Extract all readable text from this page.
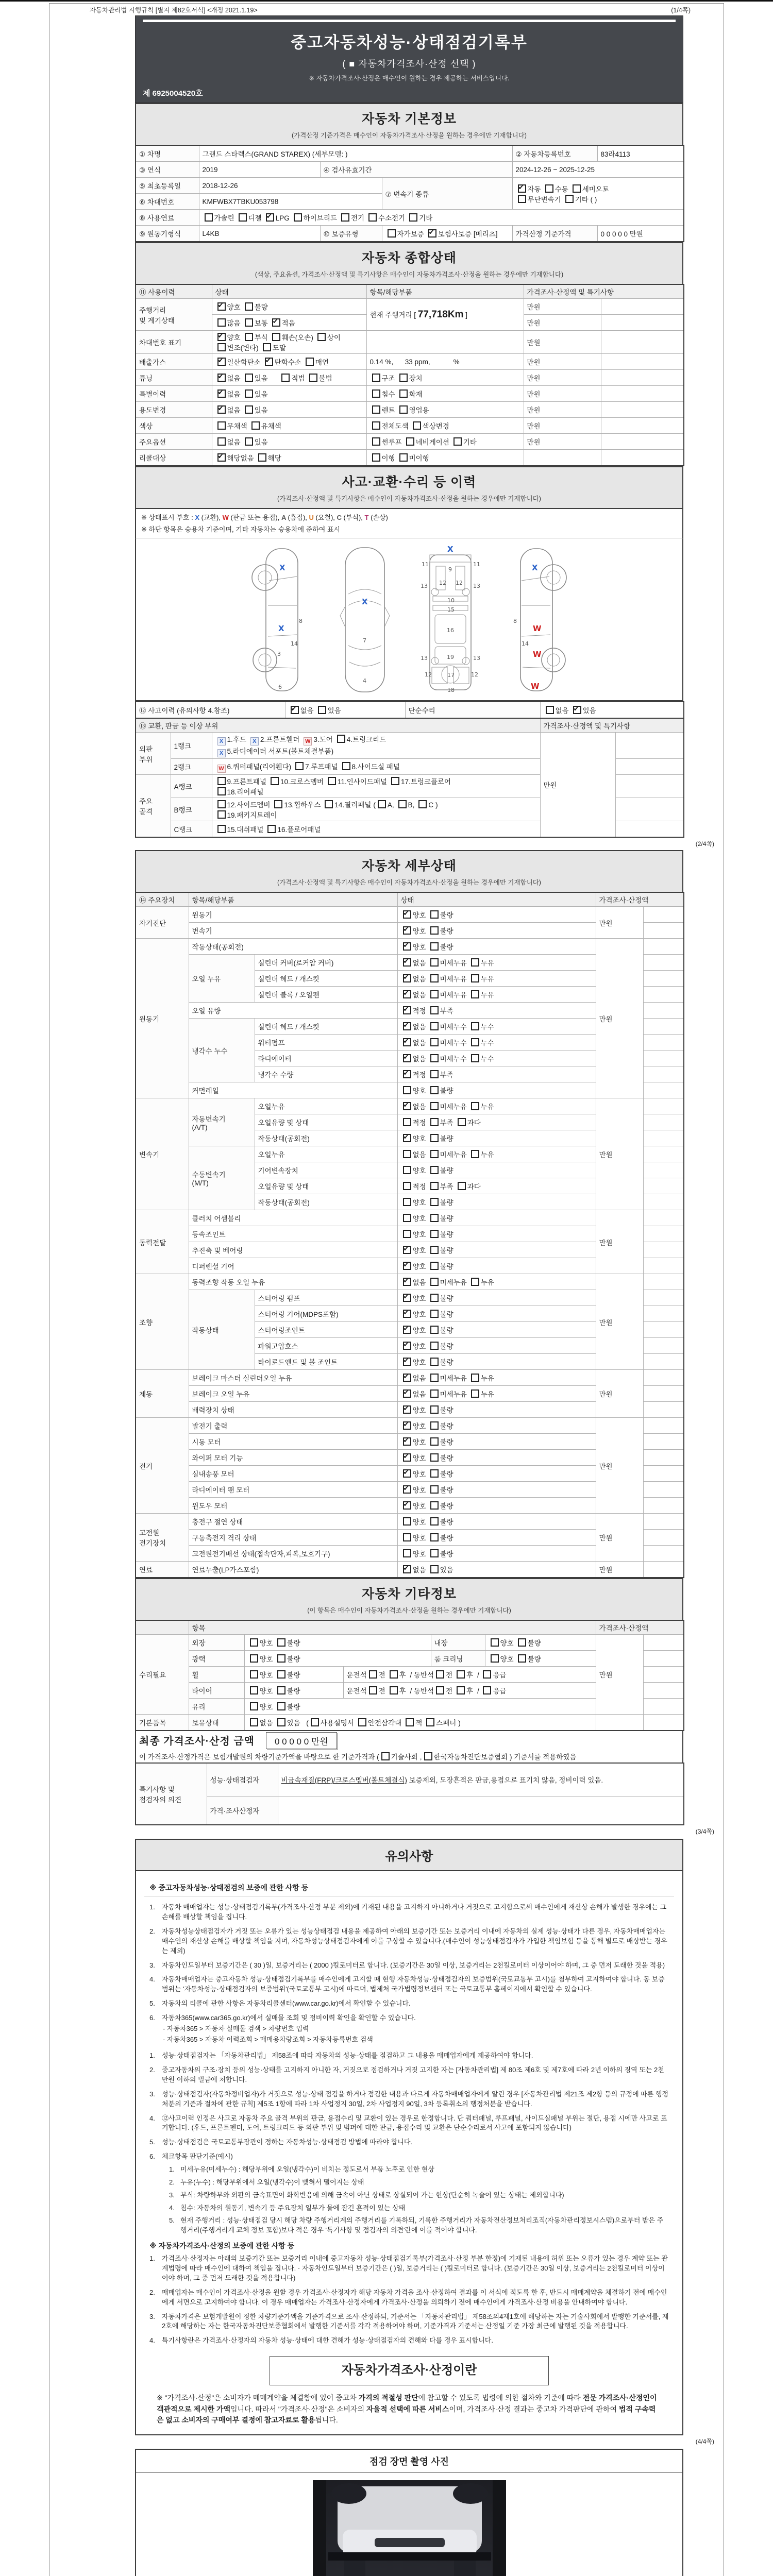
자동차관리법 시행규칙 [별지 제82호서식] <개정 2021.1.19>	(1/4쪽)
중고자동차성능·상태점검기록부
( ■ 자동차가격조사·산정 선택 )
※ 자동차가격조사·산정은 매수인이 원하는 경우 제공하는 서비스입니다.
제 6925004520호
자동차 기본정보
(가격산정 기준가격은 매수인이 자동차가격조사·산정을 원하는 경우에만 기재합니다)
① 차명	그랜드 스타렉스(GRAND STAREX) (세부모델: )			② 자동차등록번호	83라4113
③ 연식	2019	④ 검사유효기간		2024-12-26 ~ 2025-12-25	
⑤ 최초등록일	2018-12-26		⑦ 변속기 종류	✔자동 수동 세미오토
무단변속기 기타 ( )
⑥ 차대번호	KMFWBX7TBKU053798				
⑧ 사용연료	가솔린 디젤 ✔ LPG 하이브리드 전기 수소전기 기타
⑨ 원동기형식	L4KB	⑩ 보증유형	자가보증 ✔ 보험사보증 [메리츠]	가격산정 기준가격	0 0 0 0 0 만원
자동차 종합상태
(색상, 주요옵션, 가격조사·산정액 및 특기사항은 매수인이 자동차가격조사·산정을 원하는 경우에만 기재합니다)
⑪ 사용이력	상태	항목/해당부품	가격조사·산정액 및 특기사항	
주행거리
및 계기상태	✔양호 불량	현재 주행거리 [ 77,718Km ]	만원	
	많음 보통 ✔ 적음		만원	
차대번호 표기	✔양호 부식 훼손(오손) 상이변조(변타) 도말		만원	
배출가스	✔일산화탄소 ✔ 탄화수소 매연	0.14 %,      33 ppm,            %	만원	
튜닝	✔없음 있음 적법 불법	구조 장치	만원	
특별이력	✔없음 있음	침수 화재	만원	
용도변경	✔없음 있음	렌트 영업용	만원	
색상	무채색 유채색	전체도색 색상변경	만원	
주요옵션	없음 있음	썬루프 네비게이션 기타	만원	
리콜대상	✔해당없음 해당	이행 미이행		
사고·교환·수리 등 이력
(가격조사·산정액 및 특기사항은 매수인이 자동차가격조사·산정을 원하는 경우에만 기재합니다)
※ 상태표시 부호 : X (교환), W (판금 또는 용접), A (흠집), U (요철), C (부식), T (손상)
※ 하단 항목은 승용차 기준이며, 기타 자동차는 승용차에 준하여 표시
X
8
X
14
3
6
X
7
4
X
11
9
11
13 12 12 13
10
15
16
13	19	13
12	17	12
18
X
8
W
14
W
W
⑫ 사고이력 (유의사항 4.참조)	✔없음 있음	단순수리	없음 ✔ 있음
⑬ 교환, 판금 등 이상 부위			가격조사·산정액 및 특기사항	
외판
부위	1랭크	X 1.후드 X 2.프론트휀더 W 3.도어 4.트렁크리드
X 5.라디에이터 서포트(볼트체결부품)	만원	
	2랭크	W 6.쿼터패널(리어휀다) 7.루프패널 8.사이드실 패널		
주요
골격	A랭크	9.프론트패널 10.크로스멤버 11.인사이드패널 17.트렁크플로어
18.리어패널		
	B랭크	12.사이드멤버 13.휠하우스 14.필러패널 ( A, B, C )
19.패키지트레이		
	C랭크	15.대쉬패널 16.플로어패널		
(2/4쪽)
자동차 세부상태
(가격조사·산정액 및 특기사항은 매수인이 자동차가격조사·산정을 원하는 경우에만 기재합니다)
⑭ 주요장치	항목/해당부품		상태	가격조사·산정액	
자기진단	원동기	✔양호 불량	만원	
	변속기	✔양호 불량	
원동기	작동상태(공회전)	✔양호 불량	만원	
	오일 누유	실린더 커버(로커암 커버)	✔없음 미세누유 누유	
		실린더 헤드 / 개스킷	✔없음 미세누유 누유	
		실린더 블록 / 오일팬	✔없음 미세누유 누유	
	오일 유량	✔적정 부족	
	냉각수 누수	실린더 헤드 / 개스킷	✔없음 미세누수 누수	
		워터펌프	✔없음 미세누수 누수	
		라디에이터	✔없음 미세누수 누수	
		냉각수 수량	✔적정 부족	
	커먼레일		양호 불량		
변속기	자동변속기
(A/T)	오일누유	✔없음 미세누유 누유	만원	
		오일유량 및 상태	적정 부족 과다		
		작동상태(공회전)	✔양호 불량	
	수동변속기
(M/T)	오일누유	없음 미세누유 누유		
		기어변속장치	양호 불량		
		오일유량 및 상태	적정 부족 과다		
		작동상태(공회전)	양호 불량		
동력전달	클러치 어셈블리		양호 불량	만원	
	등속조인트		양호 불량		
	추진축 및 베어링	✔양호 불량	
	디퍼렌셜 기어	✔양호 불량	
조향	동력조향 작동 오일 누유	✔없음 미세누유 누유	만원	
	작동상태	스티어링 펌프	✔양호 불량	
		스티어링 기어(MDPS포함)	✔양호 불량	
		스티어링조인트	✔양호 불량	
		파워고압호스	✔양호 불량	
		타이로드엔드 및 볼 조인트	✔양호 불량	
제동	브레이크 마스터 실린더오일 누유	✔없음 미세누유 누유	만원	
	브레이크 오일 누유	✔없음 미세누유 누유	
	배력장치 상태	✔양호 불량	
전기	발전기 출력	✔양호 불량	만원	
	시동 모터	✔양호 불량	
	와이퍼 모터 기능	✔양호 불량	
	실내송풍 모터	✔양호 불량	
	라디에이터 팬 모터	✔양호 불량	
	윈도우 모터	✔양호 불량	
고전원
전기장치	충전구 절연 상태		양호 불량	만원	
	구동축전지 격리 상태		양호 불량		
	고전원전기배선 상태(접속단자,피복,보호기구)		양호 불량		
연료	연료누출(LP가스포함)	✔없음 있음	만원	
자동차 기타정보
(이 항목은 매수인이 자동차가격조사·산정을 원하는 경우에만 기재합니다)
	항목					가격조사·산정액	
수리필요	외장	양호 불량		내장	양호 불량	만원	
	광택	양호 불량		룸 크리닝	양호 불량		
	휠	양호 불량	운전석 전 후 / 동반석 전 후 / 응급				
	타이어	양호 불량	운전석 전 후 / 동반석 전 후 / 응급				
	유리	양호 불량					
기본품목	보유상태	없음 있음  ( 사용설명서 안전삼각대 잭 스패너 )					
최종 가격조사·산정 금액 0 0 0 0 0 만원
이 가격조사·산정가격은 보험개발원의 차량기준가액을 바탕으로 한 기준가격과 ( 기술사회 , 한국자동차진단보증협회 ) 기준서를 적용하였음
특기사항 및
점검자의 의견	성능·상태점검자	비금속재질(FRP)/크로스멤버(볼트체결식) 보증제외, 도장흔적은 판금,용접으로 표기치 않음, 정비이력 있음.
	가격·조사산정자	
(3/4쪽)
유의사항
※ 중고자동차성능·상태점검의 보증에 관한 사항 등
1.	자동차 매매업자는 성능·상태점검기록부(가격조사·산정 부분 제외)에 기재된 내용을 고지하지 아니하거나 거짓으로 고지함으로써 매수인에게 재산상 손해가 발생한 경우에는 그 손해를 배상할 책임을 집니다.
2.	자동차성능상태점검자가 거짓 또는 오류가 있는 성능상태점검 내용을 제공하여 아래의 보증기간 또는 보증거리 이내에 자동차의 실제 성능·상태가 다른 경우, 자동차매매업자는 매수인의 재산상 손해를 배상할 책임을 지며, 자동차성능상태점검자에게 이를 구상할 수 있습니다.(매수인이 성능상태점검자가 가입한 책임보험 등을 통해 별도로 배상받는 경우는 제외)
3.	자동차인도일부터 보증기간은 ( 30 )일, 보증거리는 ( 2000 )킬로미터로 합니다. (보증기간은 30일 이상, 보증거리는 2천킬로미터 이상이어야 하며, 그 중 먼저 도래한 것을 적용)
4.	자동차매매업자는 중고자동차 성능·상태점검기록부를 매수인에게 고지할 때 현행 자동차성능·상태점검자의 보증범위(국토교통부 고시)를 첨부하여 고지하여야 합니다. 동 보증범위는 '자동차성능·상태점검자의 보증범위'(국토교통부 고시)에 따르며, 법제처 국가법령정보센터 또는 국토교통부 홈페이지에서 확인할 수 있습니다.
5.	자동차의 리콜에 관한 사항은 자동차리콜센터(www.car.go.kr)에서 확인할 수 있습니다.
6.	자동차365(www.car365.go.kr)에서 실매물 조회 및 정비이력 확인을 확인할 수 있습니다.
- 자동차365 > 자동차 실매물 검색 > 차량번호 입력
- 자동차365 > 자동차 이력조회 > 매매용차량조회 > 자동차등록번호 검색
1.	성능·상태점검자는 「자동차관리법」 제58조에 따라 자동차의 성능·상태를 점검하고 그 내용을 매매업자에게 제공하여야 합니다.
2.	중고자동차의 구조·장치 등의 성능·상태를 고지하지 아니한 자, 거짓으로 점검하거나 거짓 고지한 자는 [자동차관리법] 제 80조 제6호 및 제7호에 따라 2년 이하의 징역 또는 2천만원 이하의 벌금에 처합니다.
3.	성능·상태점검자(자동차정비업자)가 거짓으로 성능·상태 점검을 하거나 점검한 내용과 다르게 자동차매매업자에게 알린 경우 [자동차관리법 제21조 제2항 등의 규정에 따른 행정처분의 기준과 절차에 관한 규칙] 제5조 1항에 따라 1차 사업정지 30일, 2차 사업정지 90일, 3차 등록취소의 행정처분을 받습니다.
4.	⑫사고이력 인정은 사고로 자동차 주요 골격 부위의 판금, 용접수리 및 교환이 있는 경우로 한정합니다. 단 쿼터패널, 루프패널, 사이드실패널 부위는 절단, 용접 시에만 사고로 표기합니다. (후드, 프론트펜더, 도어, 트렁크리드 등 외판 부위 및 범퍼에 대한 판금, 용접수리 및 교환은 단순수리로서 사고에 포함되지 않습니다)
5.	성능·상태점검은 국토교통부장관이 정하는 자동차성능·상태점검 방법에 따라야 합니다.
6.	체크항목 판단기준(예시)
1. 미세누유(미세누수) : 해당부위에 오일(냉각수)이 비치는 정도로서 부품 노후로 인한 현상
2. 누유(누수) : 해당부위에서 오일(냉각수)이 맺혀서 떨어지는 상태
3. 부식: 차량하부와 외판의 금속표면이 화학반응에 의해 금속이 아닌 상태로 상실되어 가는 현상(단순히 녹슬어 있는 상태는 제외합니다)
4. 침수: 자동차의 원동기, 변속기 등 주요장치 일부가 물에 잠긴 흔적이 있는 상태
5. 현재 주행거리 : 성능·상태점검 당시 해당 차량 주행거리계의 주행거리를 기록하되, 기록한 주행거리가 자동차전산정보처리조직(자동차관리정보시스템)으로부터 받은 주행거리(주행거리계 교체 정보 포함)보다 적은 경우 '특기사항 및 점검자의 의견'란에 이를 적어야 합니다.
※ 자동차가격조사·산정의 보증에 관한 사항 등
1.	가격조사·산정자는 아래의 보증기간 또는 보증거리 이내에 중고자동차 성능·상태점검기록부(가격조사·산정 부분 한정)에 기재된 내용에 허위 또는 오류가 있는 경우 계약 또는 관계법령에 따라 매수인에 대하여 책임을 집니다. · 자동차인도일부터 보증기간은 ( )일, 보증거리는 ( )킬로미터로 합니다. (보증기간은 30일 이상, 보증거리는 2천킬로미터 이상이어야 하며, 그 중 먼저 도래한 것을 적용합니다)
2.	매매업자는 매수인이 가격조사·산정을 원할 경우 가격조사·산정자가 해당 자동차 가격을 조사·산정하여 결과를 이 서식에 적도록 한 후, 반드시 매매계약을 체결하기 전에 매수인에게 서면으로 고지하여야 합니다. 이 경우 매매업자는 가격조사·산정자에게 가격조사·산정을 의뢰하기 전에 매수인에게 가격조사·산정 비용을 안내하여야 합니다.
3.	자동차가격은 보험개발원이 정한 차량기준가액을 기준가격으로 조사·산정하되, 기준서는 「자동차관리법」 제58조의4제1호에 해당하는 자는 기술사회에서 발행한 기준서를, 제2호에 해당하는 자는 한국자동차진단보증협회에서 발행한 기준서를 각각 적용하여야 하며, 기준가격과 기준서는 산정일 기준 가장 최근에 발행된 것을 적용합니다.
4.	특기사항란은 가격조사·산정자의 자동차 성능·상태에 대한 견해가 성능·상태점검자의 견해와 다를 경우 표시합니다.
자동차가격조사·산정이란
※ "가격조사·산정"은 소비자가 매매계약을 체결함에 있어 중고차 가격의 적절성 판단에 참고할 수 있도록 법령에 의한 절차와 기준에 따라 전문 가격조사·산정인이 객관적으로 제시한 가액입니다. 따라서 "가격조사·산정"은 소비자의 자율적 선택에 따른 서비스이며, 가격조사·산정 결과는 중고차 가격판단에 관하여 법적 구속력은 없고 소비자의 구매여부 결정에 참고자료로 활용됩니다.
(4/4쪽)
점검 장면 촬영 사진
